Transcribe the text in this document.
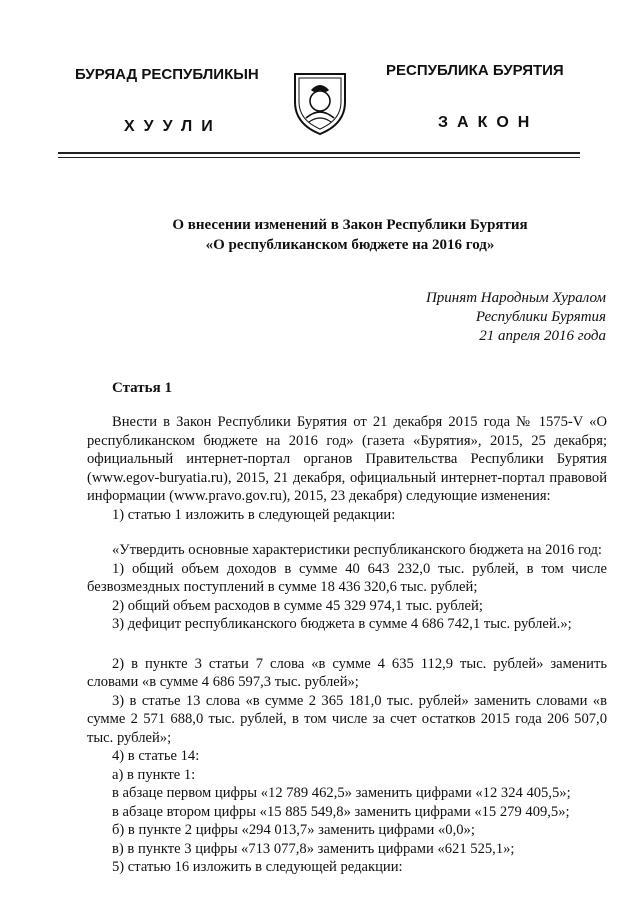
БУРЯАД РЕСПУБЛИКЫН	РЕСПУБЛИКА БУРЯТИЯ
ХУУЛИ	ЗАКОН
О внесении изменений в Закон Республики Бурятия
«О республиканском бюджете на 2016 год»
Принят Народным Хуралом
Республики Бурятия
21 апреля 2016 года
Статья 1

Внести в Закон Республики Бурятия от 21 декабря 2015 года № 1575-V «О республиканском бюджете на 2016 год» (газета «Бурятия», 2015, 25 декабря; официальный интернет-портал органов Правительства Республики Бурятия (www.egov-buryatia.ru), 2015, 21 декабря, официальный интернет-портал правовой информации (www.pravo.gov.ru), 2015, 23 декабря) следующие изменения:

1) статью 1 изложить в следующей редакции:

«Утвердить основные характеристики республиканского бюджета на 2016 год:

1) общий объем доходов в сумме 40 643 232,0 тыс. рублей, в том числе безвозмездных поступлений в сумме 18 436 320,6 тыс. рублей;

2) общий объем расходов в сумме 45 329 974,1 тыс. рублей;

3) дефицит республиканского бюджета в сумме 4 686 742,1 тыс. рублей.»;

2) в пункте 3 статьи 7 слова «в сумме 4 635 112,9 тыс. рублей» заменить словами «в сумме 4 686 597,3 тыс. рублей»;

3) в статье 13 слова «в сумме 2 365 181,0 тыс. рублей» заменить словами «в сумме 2 571 688,0 тыс. рублей, в том числе за счет остатков 2015 года 206 507,0 тыс. рублей»;

4) в статье 14:

а) в пункте 1:

в абзаце первом цифры «12 789 462,5» заменить цифрами «12 324 405,5»;

в абзаце втором цифры «15 885 549,8» заменить цифрами «15 279 409,5»;

б) в пункте 2 цифры «294 013,7» заменить цифрами «0,0»;

в) в пункте 3 цифры «713 077,8» заменить цифрами «621 525,1»;

5) статью 16 изложить в следующей редакции:
